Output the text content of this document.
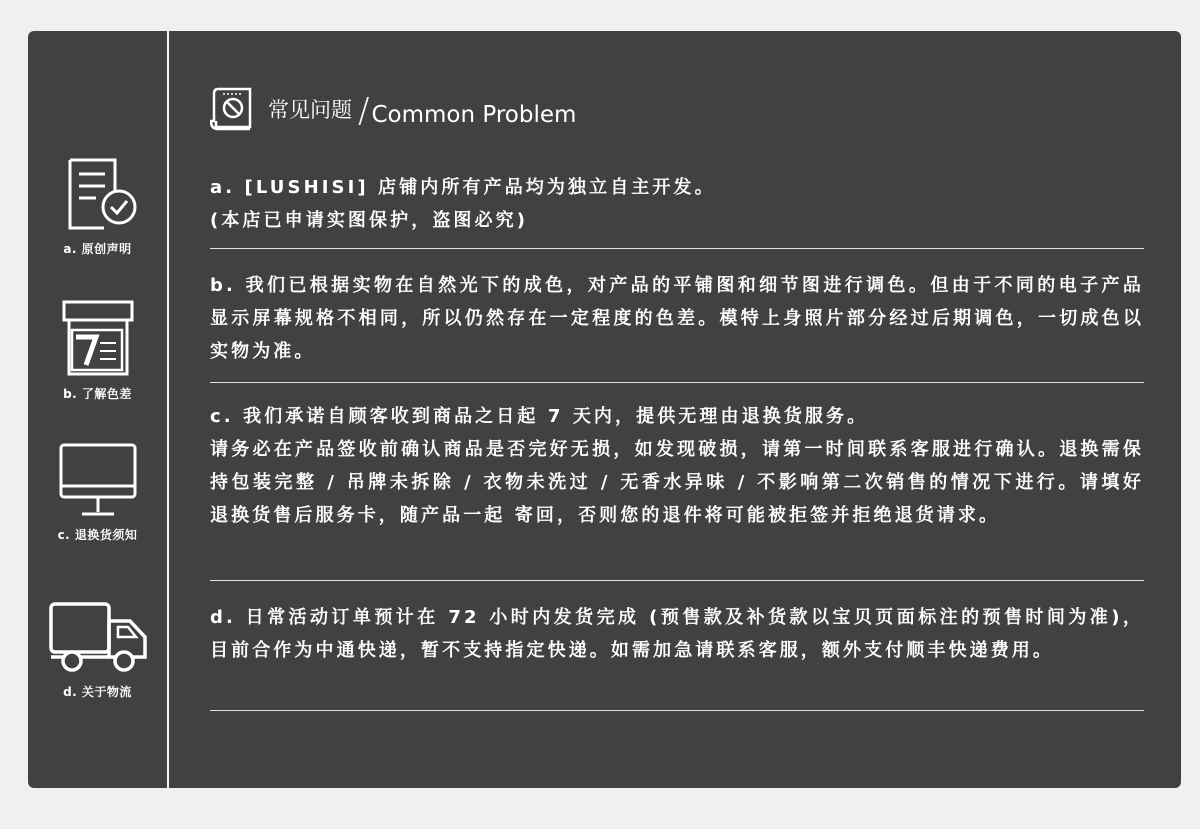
a. 原创声明
b. 了解色差
c. 退换货须知
d. 关于物流
常见问题 / Common Problem
a. [LUSHISI] 店铺内所有产品均为独立自主开发。
(本店已申请实图保护，盗图必究)
b. 我们已根据实物在自然光下的成色，对产品的平铺图和细节图进行调色。但由于不同的电子产品显示屏幕规格不相同，所以仍然存在一定程度的色差。模特上身照片部分经过后期调色，一切成色以实物为准。
c. 我们承诺自顾客收到商品之日起 7 天内，提供无理由退换货服务。
请务必在产品签收前确认商品是否完好无损，如发现破损，请第一时间联系客服进行确认。退换需保持包装完整 / 吊牌未拆除 / 衣物未洗过 / 无香水异味 / 不影响第二次销售的情况下进行。请填好退换货售后服务卡，随产品一起 寄回，否则您的退件将可能被拒签并拒绝退货请求。
d. 日常活动订单预计在 72 小时内发货完成 (预售款及补货款以宝贝页面标注的预售时间为准)，目前合作为中通快递，暂不支持指定快递。如需加急请联系客服，额外支付顺丰快递费用。
